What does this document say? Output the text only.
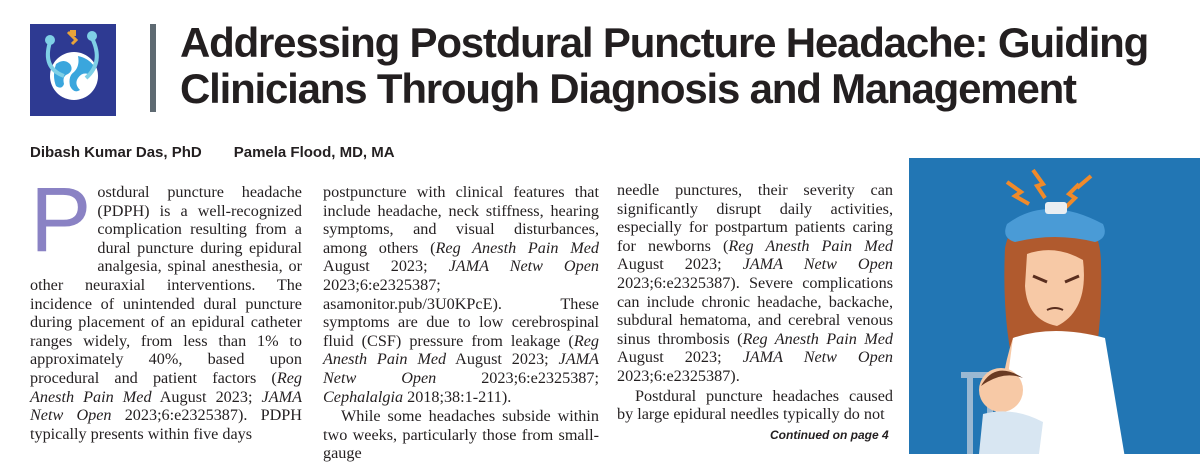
Addressing Postdural Puncture Headache: Guiding Clinicians Through Diagnosis and Management
Dibash Kumar Das, PhD Pamela Flood, MD, MA
P ostdural puncture headache (PDPH) is a well-recognized complication resulting from a dural puncture during epidural analgesia, spinal anesthesia, or other neuraxial interventions. The incidence of unintended dural puncture during placement of an epidural catheter ranges widely, from less than 1% to approximately 40%, based upon procedural and patient factors (Reg Anesth Pain Med August 2023; JAMA Netw Open 2023;6:e2325387). PDPH typically presents within five days

postpuncture with clinical features that include headache, neck stiffness, hearing symptoms, and visual disturbances, among others (Reg Anesth Pain Med August 2023; JAMA Netw Open 2023;6:e2325387; asamonitor.pub/3U0KPcE). These symptoms are due to low cerebrospinal fluid (CSF) pressure from leakage (Reg Anesth Pain Med August 2023; JAMA Netw Open 2023;6:e2325387; Cephalalgia 2018;38:1-211).

While some headaches subside within two weeks, particularly those from small-gauge

needle punctures, their severity can significantly disrupt daily activities, especially for postpartum patients caring for newborns (Reg Anesth Pain Med August 2023; JAMA Netw Open 2023;6:e2325387). Severe complications can include chronic headache, backache, subdural hematoma, and cerebral venous sinus thrombosis (Reg Anesth Pain Med August 2023; JAMA Netw Open 2023;6:e2325387).

Postdural puncture headaches caused by large epidural needles typically do not

Continued on page 4
